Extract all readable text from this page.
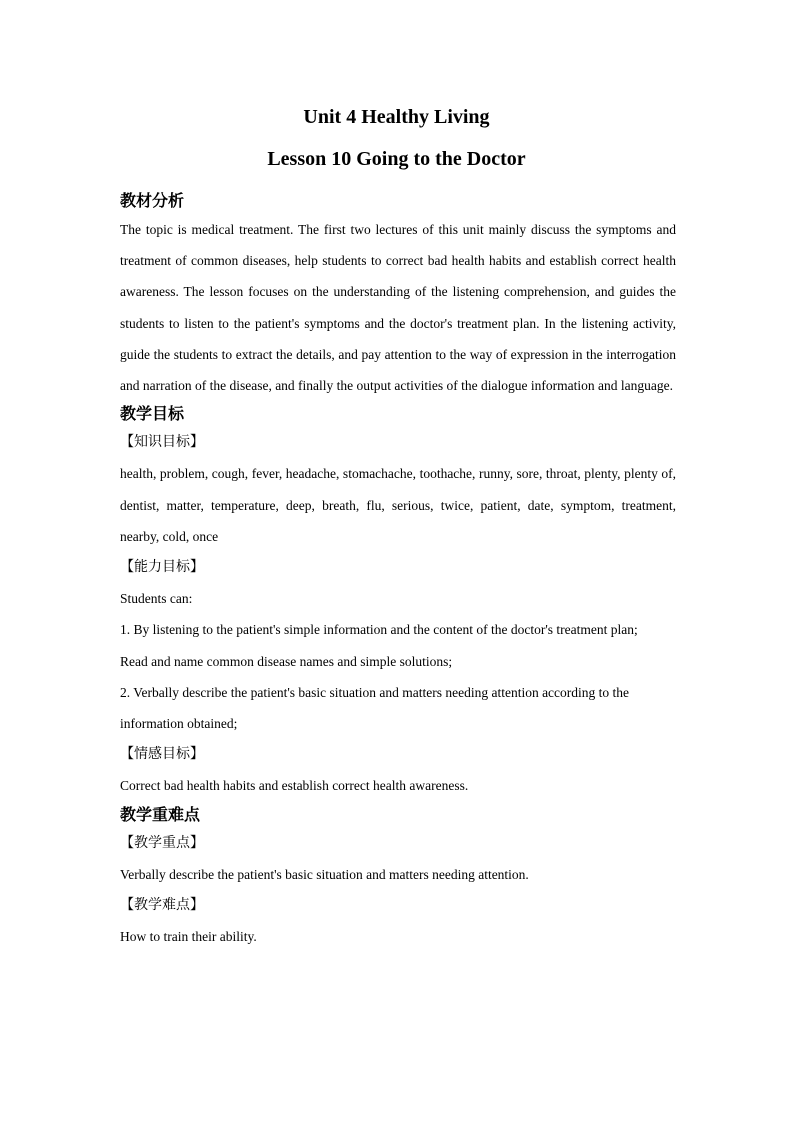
Unit 4 Healthy Living
Lesson 10 Going to the Doctor
教材分析
The topic is medical treatment. The first two lectures of this unit mainly discuss the symptoms and treatment of common diseases, help students to correct bad health habits and establish correct health awareness. The lesson focuses on the understanding of the listening comprehension, and guides the students to listen to the patient's symptoms and the doctor's treatment plan. In the listening activity, guide the students to extract the details, and pay attention to the way of expression in the interrogation and narration of the disease, and finally the output activities of the dialogue information and language.
教学目标
【知识目标】
health, problem, cough, fever, headache, stomachache, toothache, runny, sore, throat, plenty, plenty of, dentist, matter, temperature, deep, breath, flu, serious, twice, patient, date, symptom, treatment, nearby, cold, once
【能力目标】
Students can:
1. By listening to the patient's simple information and the content of the doctor's treatment plan;
Read and name common disease names and simple solutions;
2. Verbally describe the patient's basic situation and matters needing attention according to the
information obtained;
【情感目标】
Correct bad health habits and establish correct health awareness.
教学重难点
【教学重点】
Verbally describe the patient's basic situation and matters needing attention.
【教学难点】
How to train their ability.
